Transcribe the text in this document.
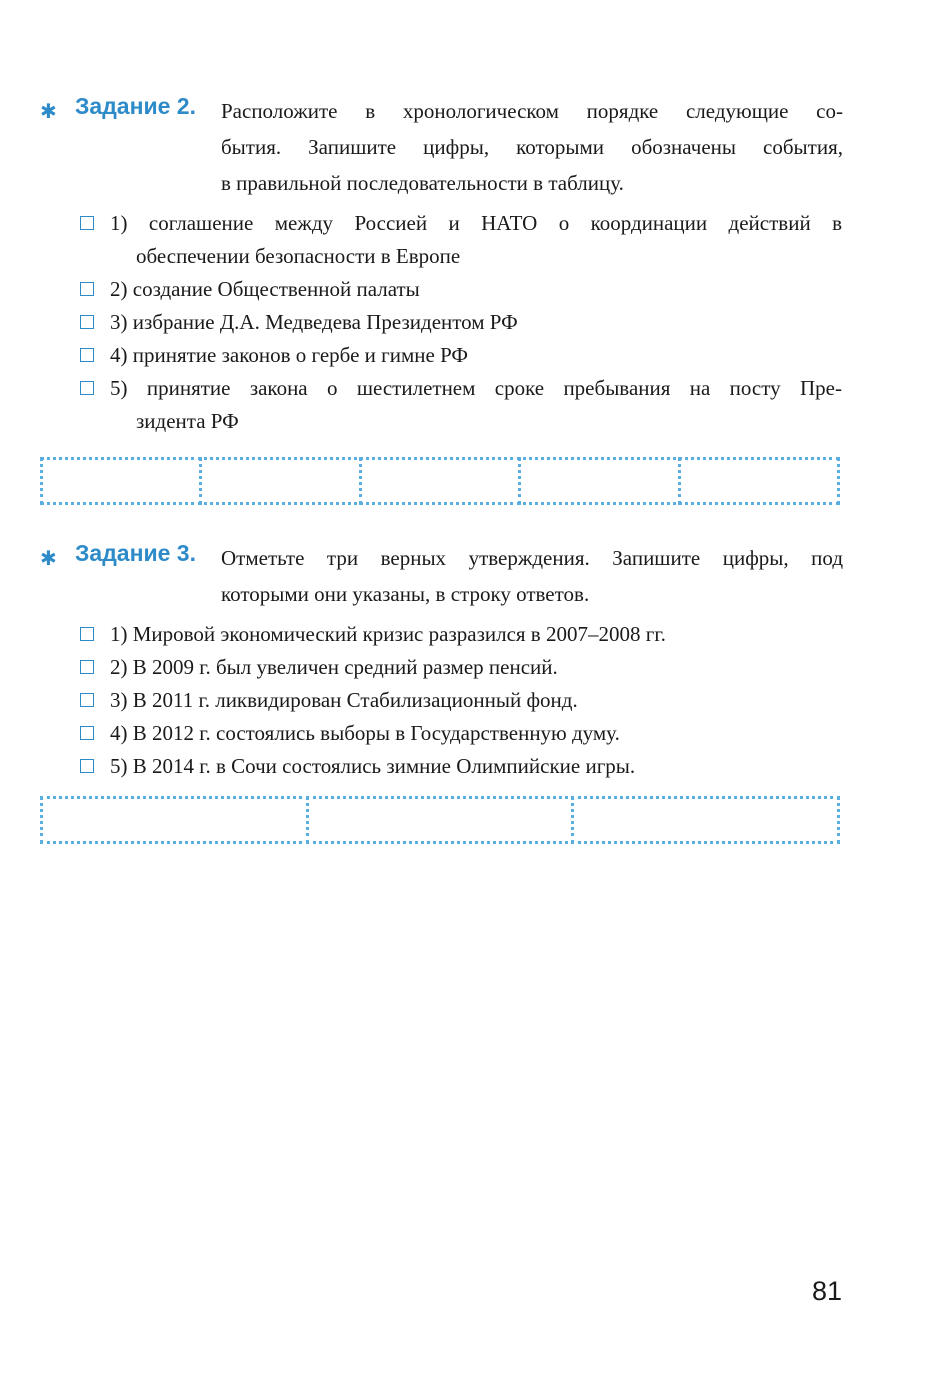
✱ Задание 2. Расположите в хронологическом порядке следующие со-
бытия. Запишите цифры, которыми обозначены события,
в правильной последовательности в таблицу.
1) соглашение между Россией и НАТО о координации действий в
обеспечении безопасности в Европе
2) создание Общественной палаты
3) избрание Д.А. Медведева Президентом РФ
4) принятие законов о гербе и гимне РФ
5) принятие закона о шестилетнем сроке пребывания на посту Пре-
зидента РФ
✱ Задание 3. Отметьте три верных утверждения. Запишите цифры, под
которыми они указаны, в строку ответов.
1) Мировой экономический кризис разразился в 2007–2008 гг.
2) В 2009 г. был увеличен средний размер пенсий.
3) В 2011 г. ликвидирован Стабилизационный фонд.
4) В 2012 г. состоялись выборы в Государственную думу.
5) В 2014 г. в Сочи состоялись зимние Олимпийские игры.
81
